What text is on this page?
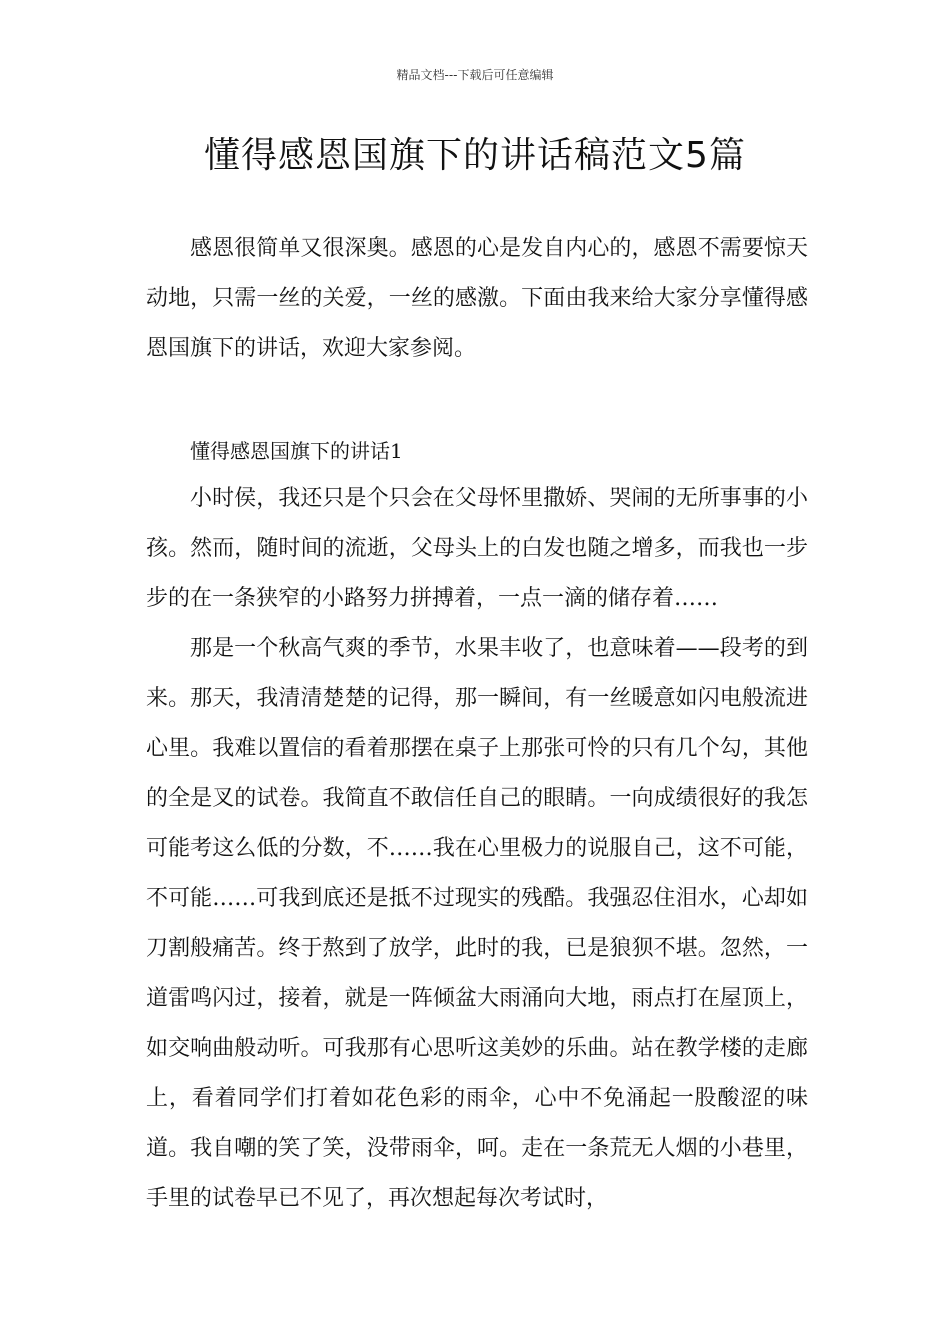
精品文档---下载后可任意编辑
懂得感恩国旗下的讲话稿范文5篇

感恩很简单又很深奥。感恩的心是发自内心的，感恩不需要惊天动地，只需一丝的关爱，一丝的感激。下面由我来给大家分享懂得感恩国旗下的讲话，欢迎大家参阅。

懂得感恩国旗下的讲话1

小时侯，我还只是个只会在父母怀里撒娇、哭闹的无所事事的小孩。然而，随时间的流逝，父母头上的白发也随之增多，而我也一步步的在一条狭窄的小路努力拼搏着，一点一滴的储存着……

那是一个秋高气爽的季节，水果丰收了，也意味着——段考的到来。那天，我清清楚楚的记得，那一瞬间，有一丝暖意如闪电般流进心里。我难以置信的看着那摆在桌子上那张可怜的只有几个勾，其他的全是叉的试卷。我简直不敢信任自己的眼睛。一向成绩很好的我怎可能考这么低的分数，不……我在心里极力的说服自己，这不可能，不可能……可我到底还是抵不过现实的残酷。我强忍住泪水，心却如刀割般痛苦。终于熬到了放学，此时的我，已是狼狈不堪。忽然，一道雷鸣闪过，接着，就是一阵倾盆大雨涌向大地，雨点打在屋顶上，如交响曲般动听。可我那有心思听这美妙的乐曲。站在教学楼的走廊上，看着同学们打着如花色彩的雨伞，心中不免涌起一股酸涩的味道。我自嘲的笑了笑，没带雨伞，呵。走在一条荒无人烟的小巷里，手里的试卷早已不见了，再次想起每次考试时，
